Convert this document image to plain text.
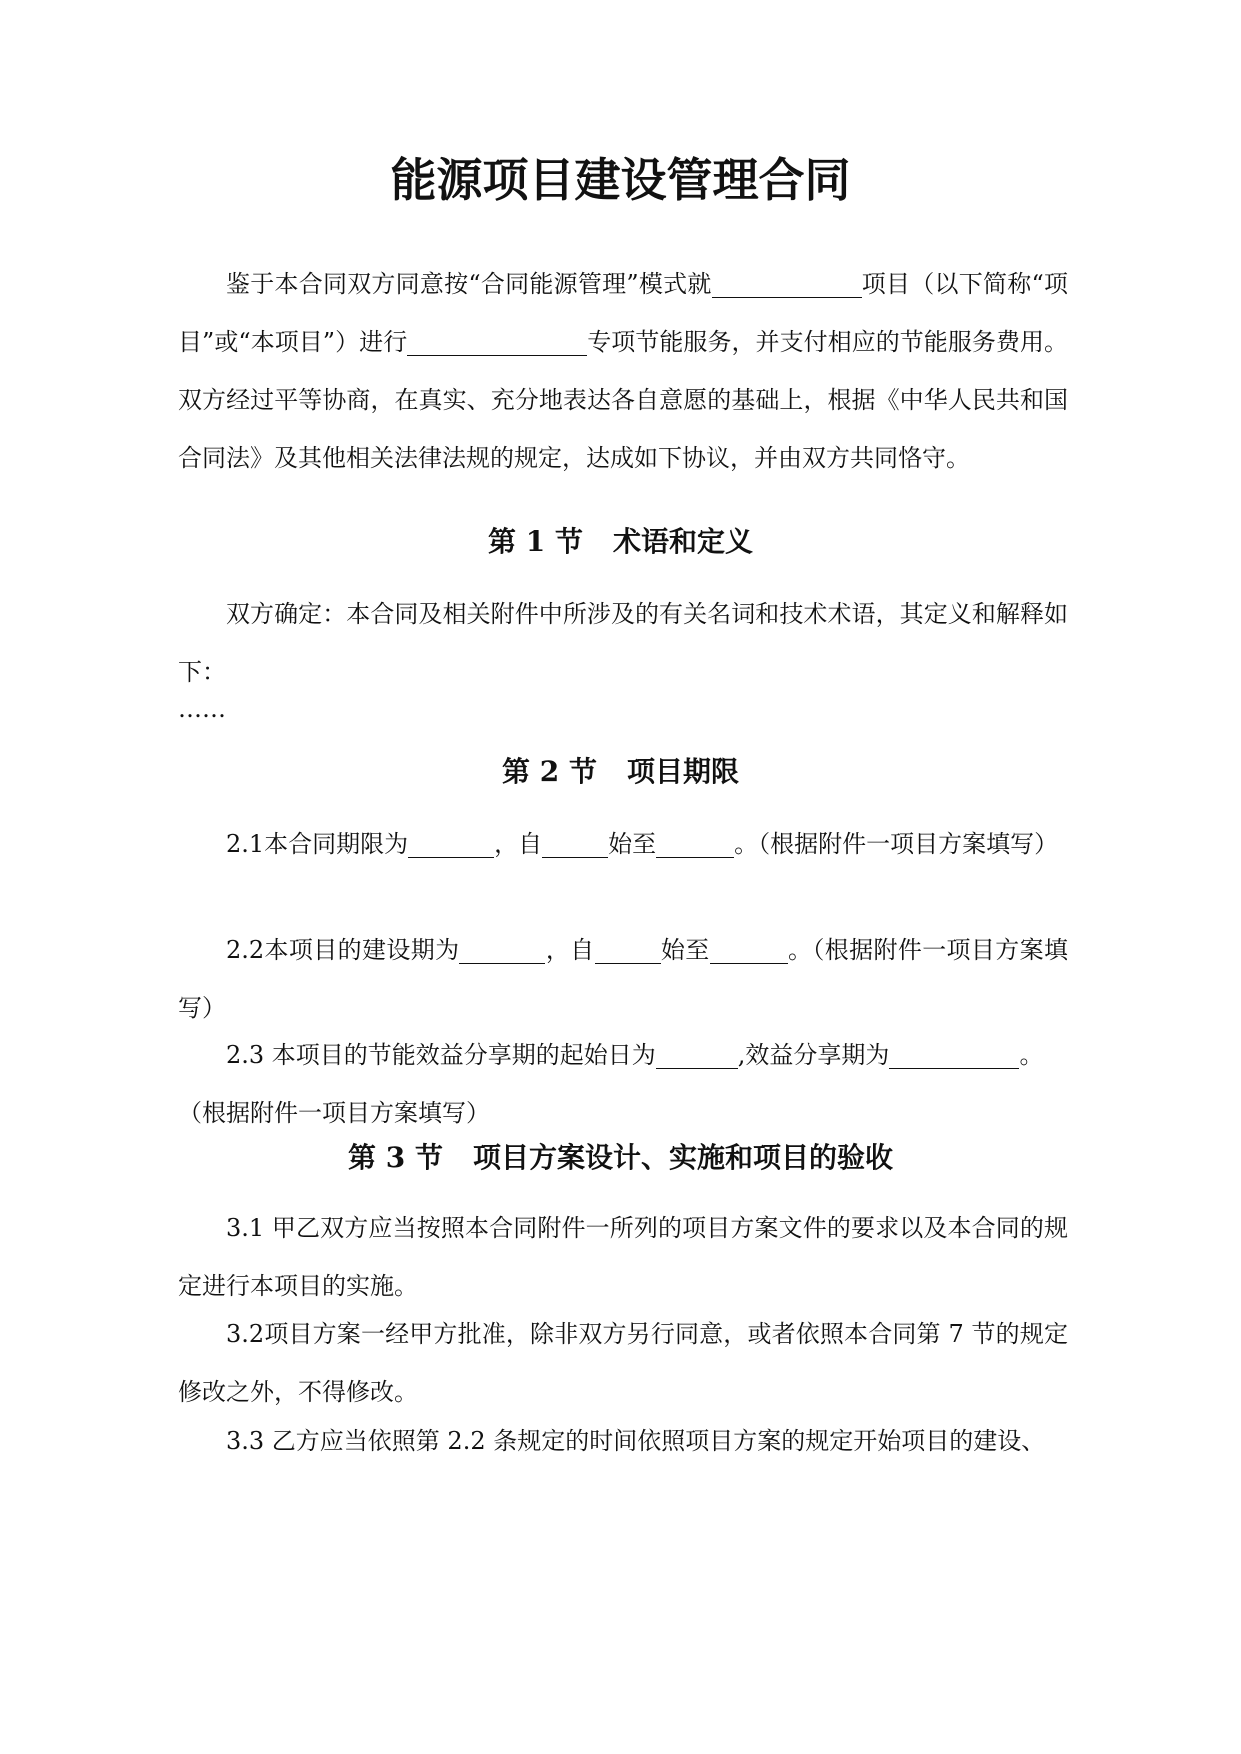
能源项目建设管理合同

鉴于本合同双方同意按“合同能源管理”模式就	项目（以下简称“项目”或“本项目”）进行	专项节能服务，并支付相应的节能服务费用。双方经过平等协商，在真实、充分地表达各自意愿的基础上，根据《中华人民共和国合同法》及其他相关法律法规的规定，达成如下协议，并由双方共同恪守。

第 1 节 术语和定义

双方确定：本合同及相关附件中所涉及的有关名词和技术术语，其定义和解释如下：

……

第 2 节 项目期限

2.1本合同期限为	，自	始至	。（根据附件一项目方案填写）

2.2本项目的建设期为	，自	始至	。（根据附件一项目方案填写）

2.3 本项目的节能效益分享期的起始日为	,效益分享期为	。

（根据附件一项目方案填写）

第 3 节 项目方案设计、实施和项目的验收

3.1 甲乙双方应当按照本合同附件一所列的项目方案文件的要求以及本合同的规定进行本项目的实施。

3.2项目方案一经甲方批准，除非双方另行同意，或者依照本合同第 7 节的规定修改之外，不得修改。

3.3 乙方应当依照第 2.2 条规定的时间依照项目方案的规定开始项目的建设、
